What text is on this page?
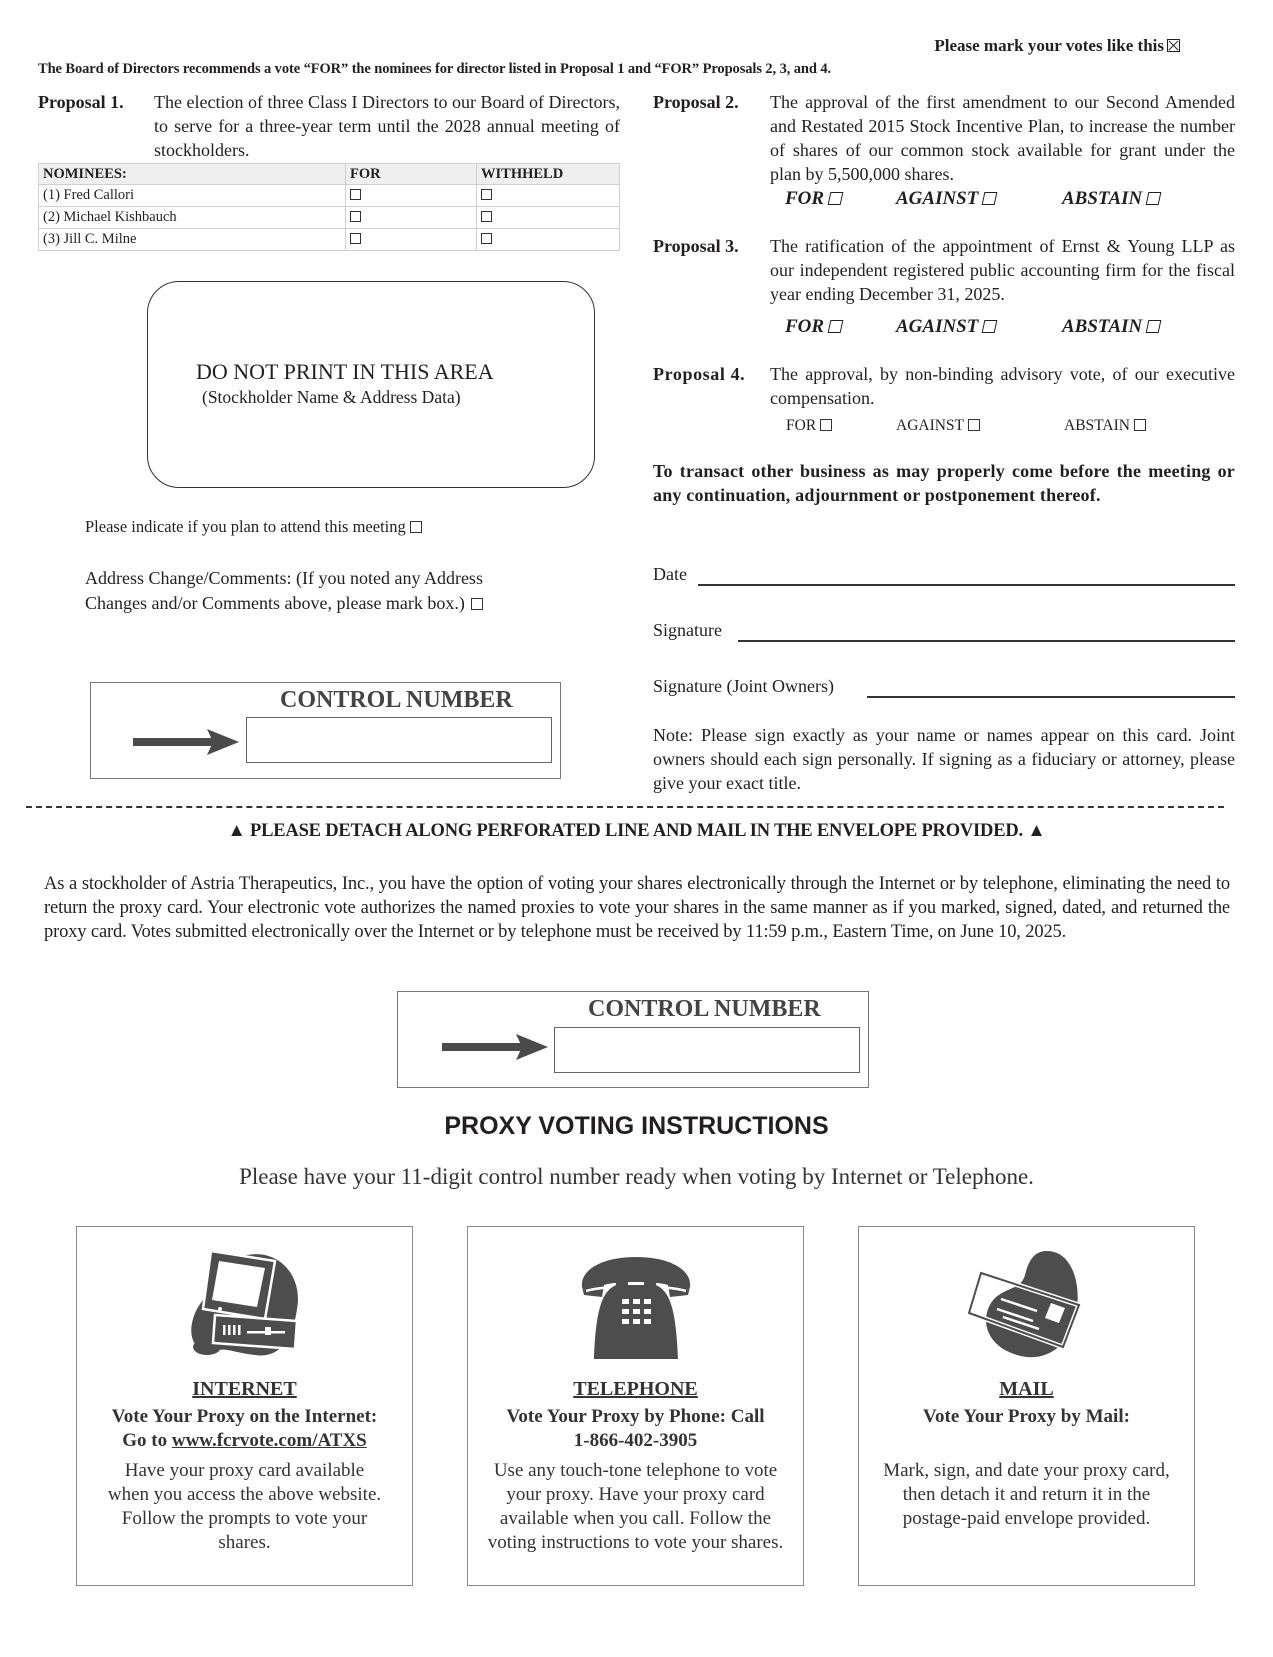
Please mark your votes like this
The Board of Directors recommends a vote “FOR” the nominees for director listed in Proposal 1 and “FOR” Proposals 2, 3, and 4.
Proposal 1. The election of three Class I Directors to our Board of Directors, to serve for a three-year term until the 2028 annual meeting of stockholders.
NOMINEES:	FOR	WITHHELD
(1) Fred Callori		
(2) Michael Kishbauch		
(3) Jill C. Milne		
DO NOT PRINT IN THIS AREA
(Stockholder Name & Address Data)
Please indicate if you plan to attend this meeting
Address Change/Comments: (If you noted any Address
Changes and/or Comments above, please mark box.)
CONTROL NUMBER
Proposal 2. The approval of the first amendment to our Second Amended and Restated 2015 Stock Incentive Plan, to increase the number of shares of our common stock available for grant under the plan by 5,500,000 shares.
FOR	AGAINST	ABSTAIN
Proposal 3. The ratification of the appointment of Ernst & Young LLP as our independent registered public accounting firm for the fiscal year ending December 31, 2025.
FOR	AGAINST	ABSTAIN
Proposal 4. The approval, by non-binding advisory vote, of our executive compensation.
FOR	AGAINST	ABSTAIN
To transact other business as may properly come before the meeting or any continuation, adjournment or postponement thereof.
Date
Signature
Signature (Joint Owners)
Note: Please sign exactly as your name or names appear on this card. Joint owners should each sign personally. If signing as a fiduciary or attorney, please give your exact title.
▲ PLEASE DETACH ALONG PERFORATED LINE AND MAIL IN THE ENVELOPE PROVIDED. ▲
As a stockholder of Astria Therapeutics, Inc., you have the option of voting your shares electronically through the Internet or by telephone, eliminating the need to return the proxy card. Your electronic vote authorizes the named proxies to vote your shares in the same manner as if you marked, signed, dated, and returned the proxy card. Votes submitted electronically over the Internet or by telephone must be received by 11:59 p.m., Eastern Time, on June 10, 2025.
CONTROL NUMBER
PROXY VOTING INSTRUCTIONS
Please have your 11-digit control number ready when voting by Internet or Telephone.
INTERNET
Vote Your Proxy on the Internet:
Go to www.fcrvote.com/ATXS
Have your proxy card available when you access the above website. Follow the prompts to vote your shares.
TELEPHONE
Vote Your Proxy by Phone: Call
1-866-402-3905
Use any touch-tone telephone to vote your proxy. Have your proxy card available when you call. Follow the voting instructions to vote your shares.
MAIL
Vote Your Proxy by Mail:
Mark, sign, and date your proxy card, then detach it and return it in the postage-paid envelope provided.
